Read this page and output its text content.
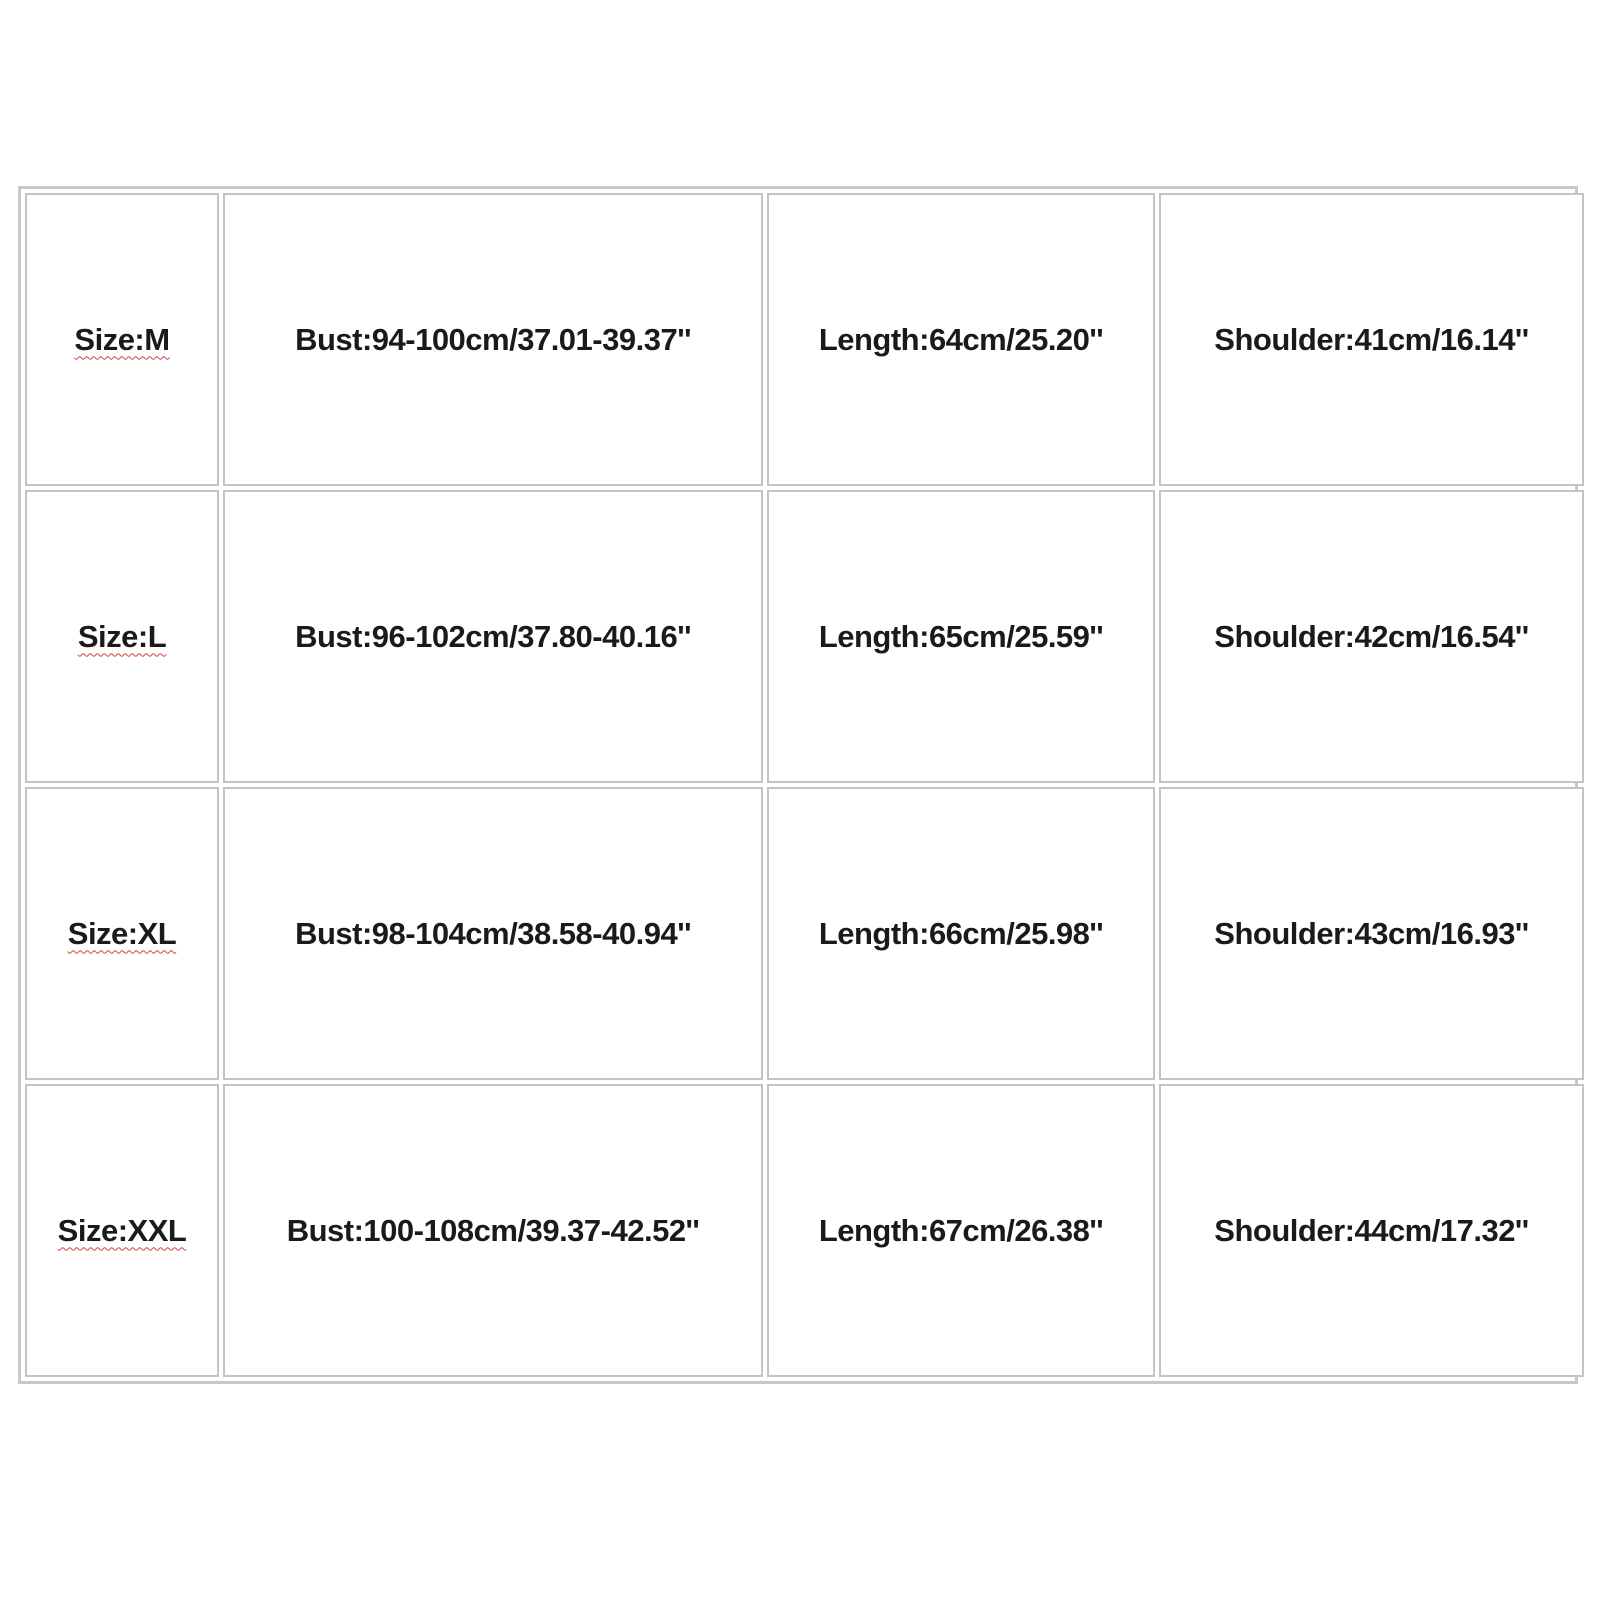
Size:M	Bust:94-100cm/37.01-39.37''	Length:64cm/25.20''	Shoulder:41cm/16.14''
Size:L	Bust:96-102cm/37.80-40.16''	Length:65cm/25.59''	Shoulder:42cm/16.54''
Size:XL	Bust:98-104cm/38.58-40.94''	Length:66cm/25.98''	Shoulder:43cm/16.93''
Size:XXL	Bust:100-108cm/39.37-42.52''	Length:67cm/26.38''	Shoulder:44cm/17.32''
